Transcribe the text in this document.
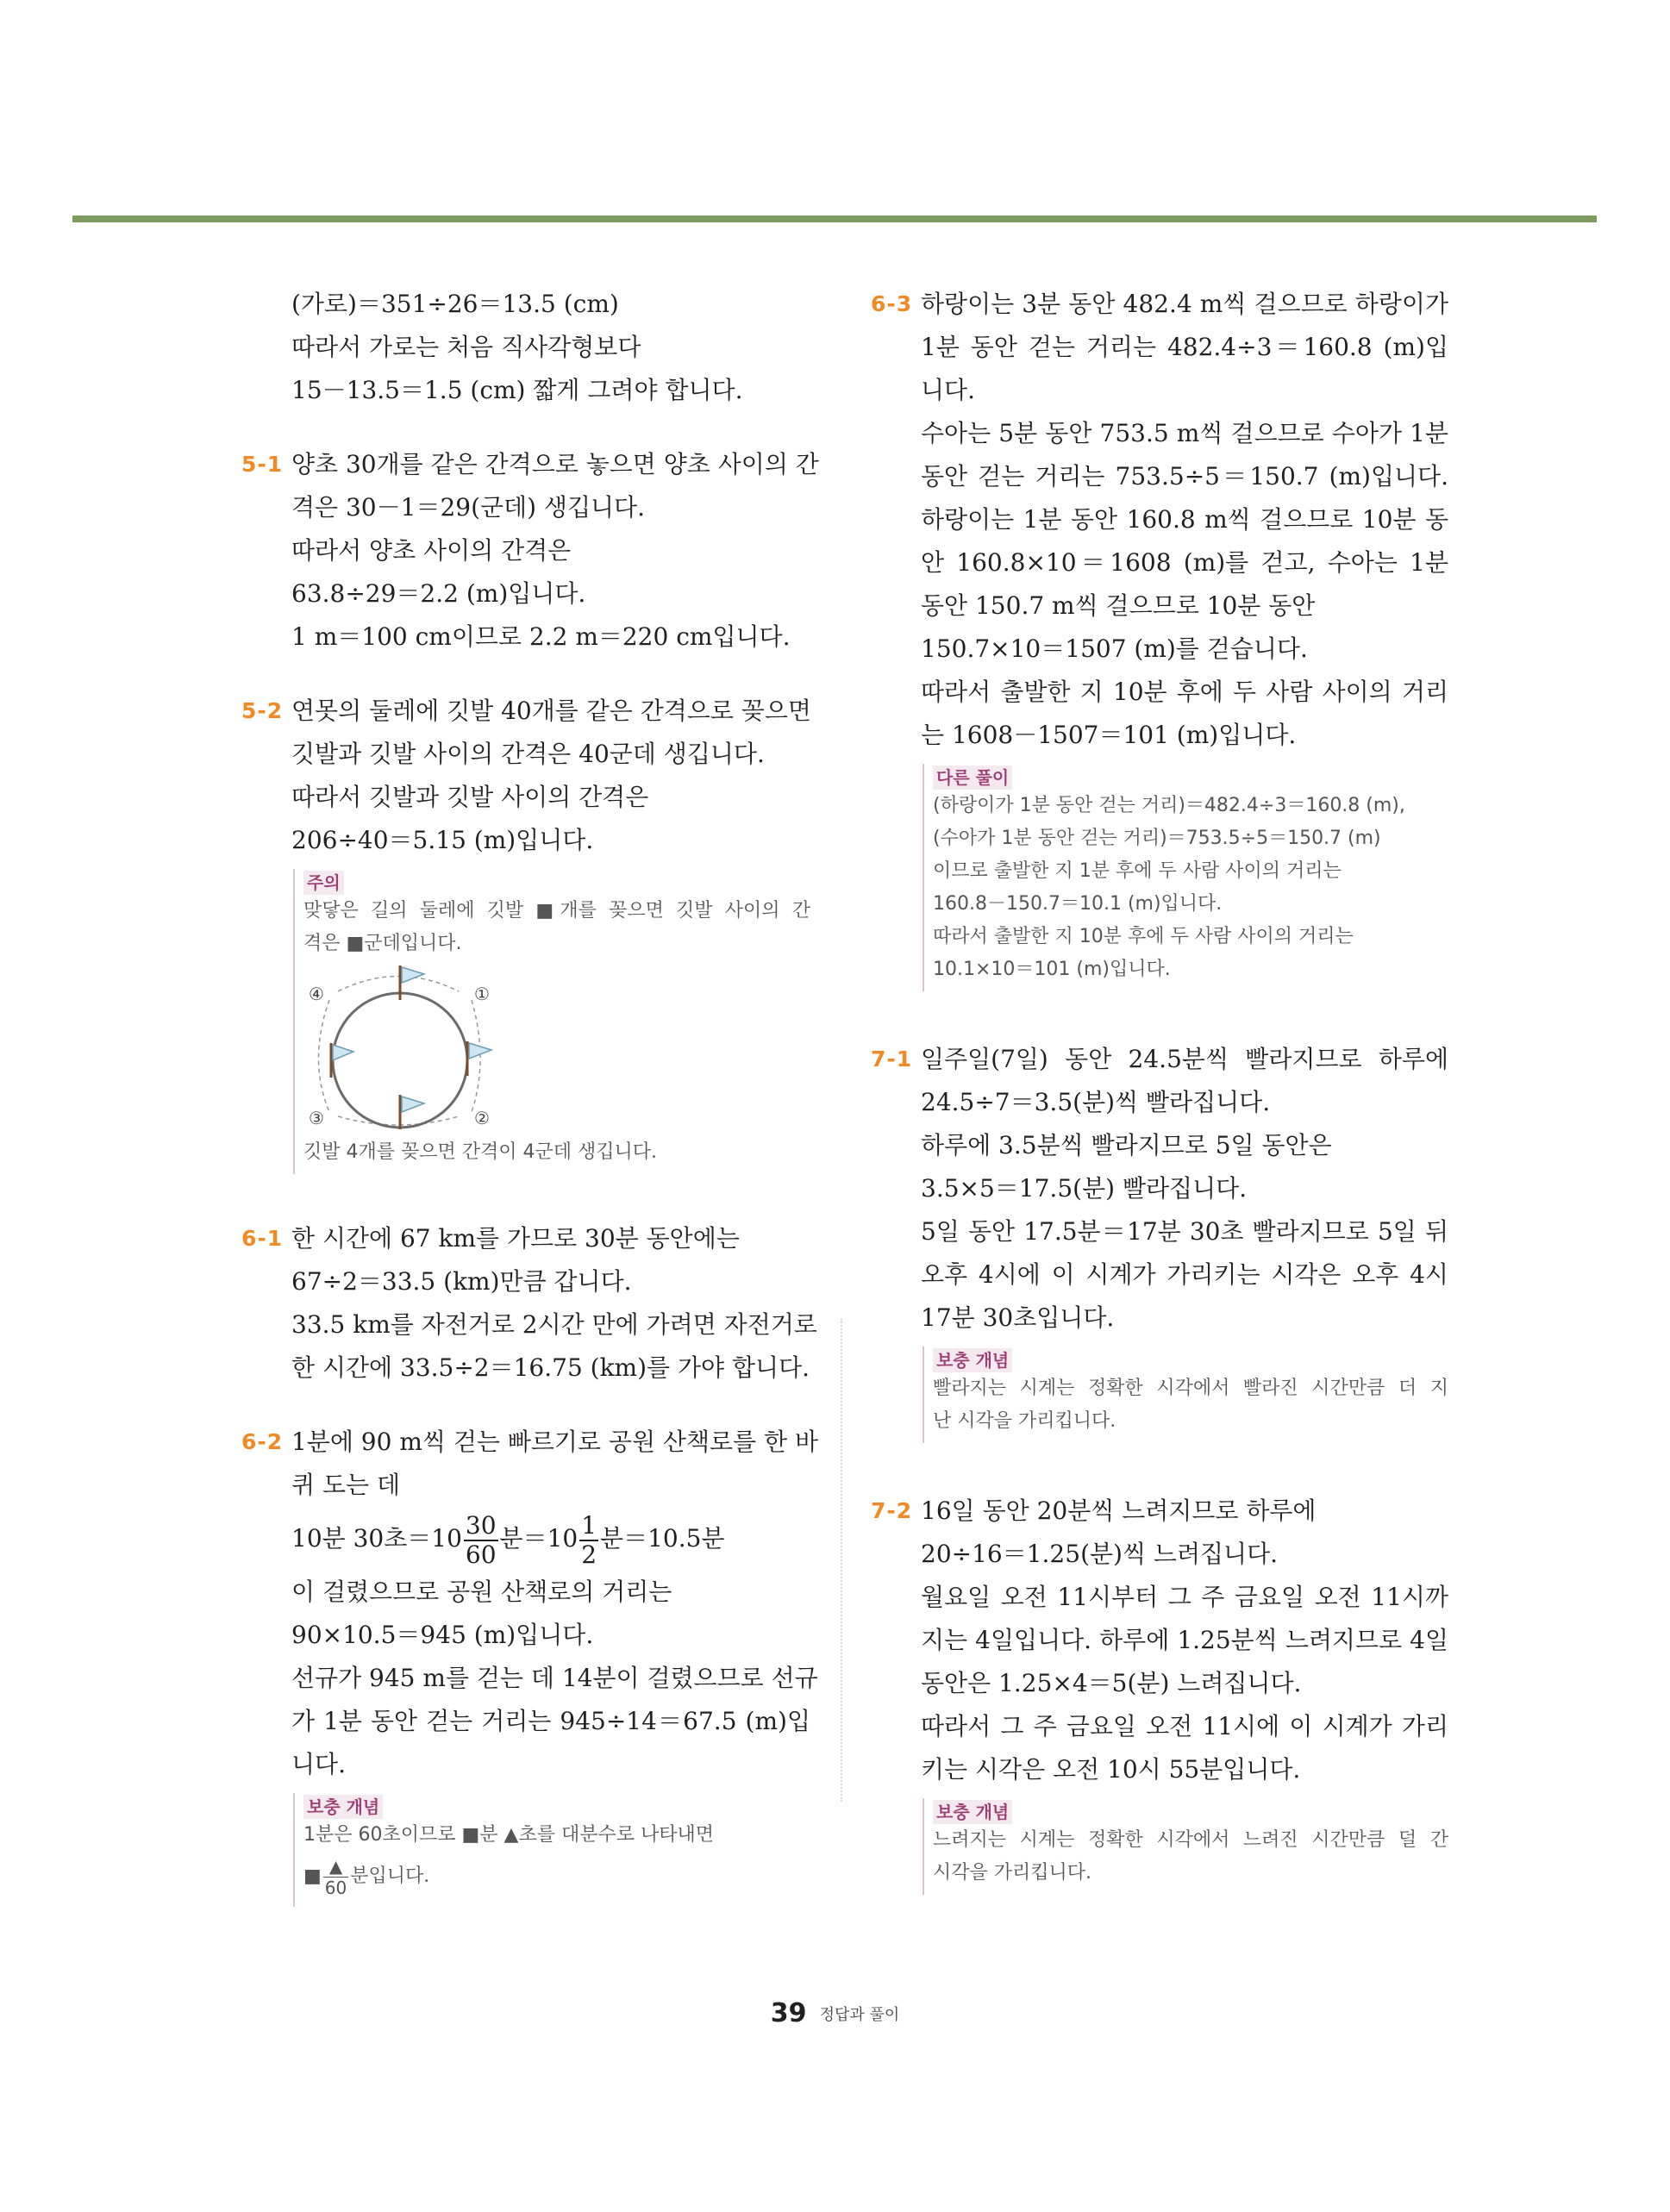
(가로)＝351÷26＝13.5 (cm)
따라서 가로는 처음 직사각형보다
15－13.5＝1.5 (cm) 짧게 그려야 합니다.
5-1 양초 30개를 같은 간격으로 놓으면 양초 사이의 간
격은 30－1＝29(군데) 생깁니다.
따라서 양초 사이의 간격은
63.8÷29＝2.2 (m)입니다.
1 m＝100 cm이므로 2.2 m＝220 cm입니다.
5-2 연못의 둘레에 깃발 40개를 같은 간격으로 꽂으면
깃발과 깃발 사이의 간격은 40군데 생깁니다.
따라서 깃발과 깃발 사이의 간격은
206÷40＝5.15 (m)입니다.
주의
맞닿은 길의 둘레에 깃발 ■개를 꽂으면 깃발 사이의 간
격은 ■군데입니다.
④	①
②
③
깃발 4개를 꽂으면 간격이 4군데 생깁니다.
6-1 한 시간에 67 km를 가므로 30분 동안에는
67÷2＝33.5 (km)만큼 갑니다.
33.5 km를 자전거로 2시간 만에 가려면 자전거로
한 시간에 33.5÷2＝16.75 (km)를 가야 합니다.
6-2 1분에 90 m씩 걷는 빠르기로 공원 산책로를 한 바
퀴 도는 데
10분 30초$=10 \frac{30}{60}$ 분$=10 \frac{1}{2}$ 분＝10.5분
이 걸렸으므로 공원 산책로의 거리는
90×10.5＝945 (m)입니다.
선규가 945 m를 걷는 데 14분이 걸렸으므로 선규
가 1분 동안 걷는 거리는 945÷14＝67.5 (m)입
니다.
보충 개념
1분은 60초이므로 ■분 ▲초를 대분수로 나타내면
■ $\frac{▲}{60}$ 분입니다.
6-3 하랑이는 3분 동안 482.4 m씩 걸으므로 하랑이가
1분 동안 걷는 거리는 482.4÷3＝160.8 (m)입
니다.
수아는 5분 동안 753.5 m씩 걸으므로 수아가 1분
동안 걷는 거리는 753.5÷5＝150.7 (m)입니다.
하랑이는 1분 동안 160.8 m씩 걸으므로 10분 동
안 160.8×10＝1608 (m)를 걷고, 수아는 1분
동안 150.7 m씩 걸으므로 10분 동안
150.7×10＝1507 (m)를 걷습니다.
따라서 출발한 지 10분 후에 두 사람 사이의 거리
는 1608－1507＝101 (m)입니다.
다른 풀이
(하랑이가 1분 동안 걷는 거리)＝482.4÷3＝160.8 (m),
(수아가 1분 동안 걷는 거리)＝753.5÷5＝150.7 (m)
이므로 출발한 지 1분 후에 두 사람 사이의 거리는
160.8－150.7＝10.1 (m)입니다.
따라서 출발한 지 10분 후에 두 사람 사이의 거리는
10.1×10＝101 (m)입니다.
7-1 일주일(7일) 동안 24.5분씩 빨라지므로 하루에
24.5÷7＝3.5(분)씩 빨라집니다.
하루에 3.5분씩 빨라지므로 5일 동안은
3.5×5＝17.5(분) 빨라집니다.
5일 동안 17.5분＝17분 30초 빨라지므로 5일 뒤
오후 4시에 이 시계가 가리키는 시각은 오후 4시
17분 30초입니다.
보충 개념
빨라지는 시계는 정확한 시각에서 빨라진 시간만큼 더 지
난 시각을 가리킵니다.
7-2 16일 동안 20분씩 느려지므로 하루에
20÷16＝1.25(분)씩 느려집니다.
월요일 오전 11시부터 그 주 금요일 오전 11시까
지는 4일입니다. 하루에 1.25분씩 느려지므로 4일
동안은 1.25×4＝5(분) 느려집니다.
따라서 그 주 금요일 오전 11시에 이 시계가 가리
키는 시각은 오전 10시 55분입니다.
보충 개념
느려지는 시계는 정확한 시각에서 느려진 시간만큼 덜 간
시각을 가리킵니다.
39 정답과 풀이
